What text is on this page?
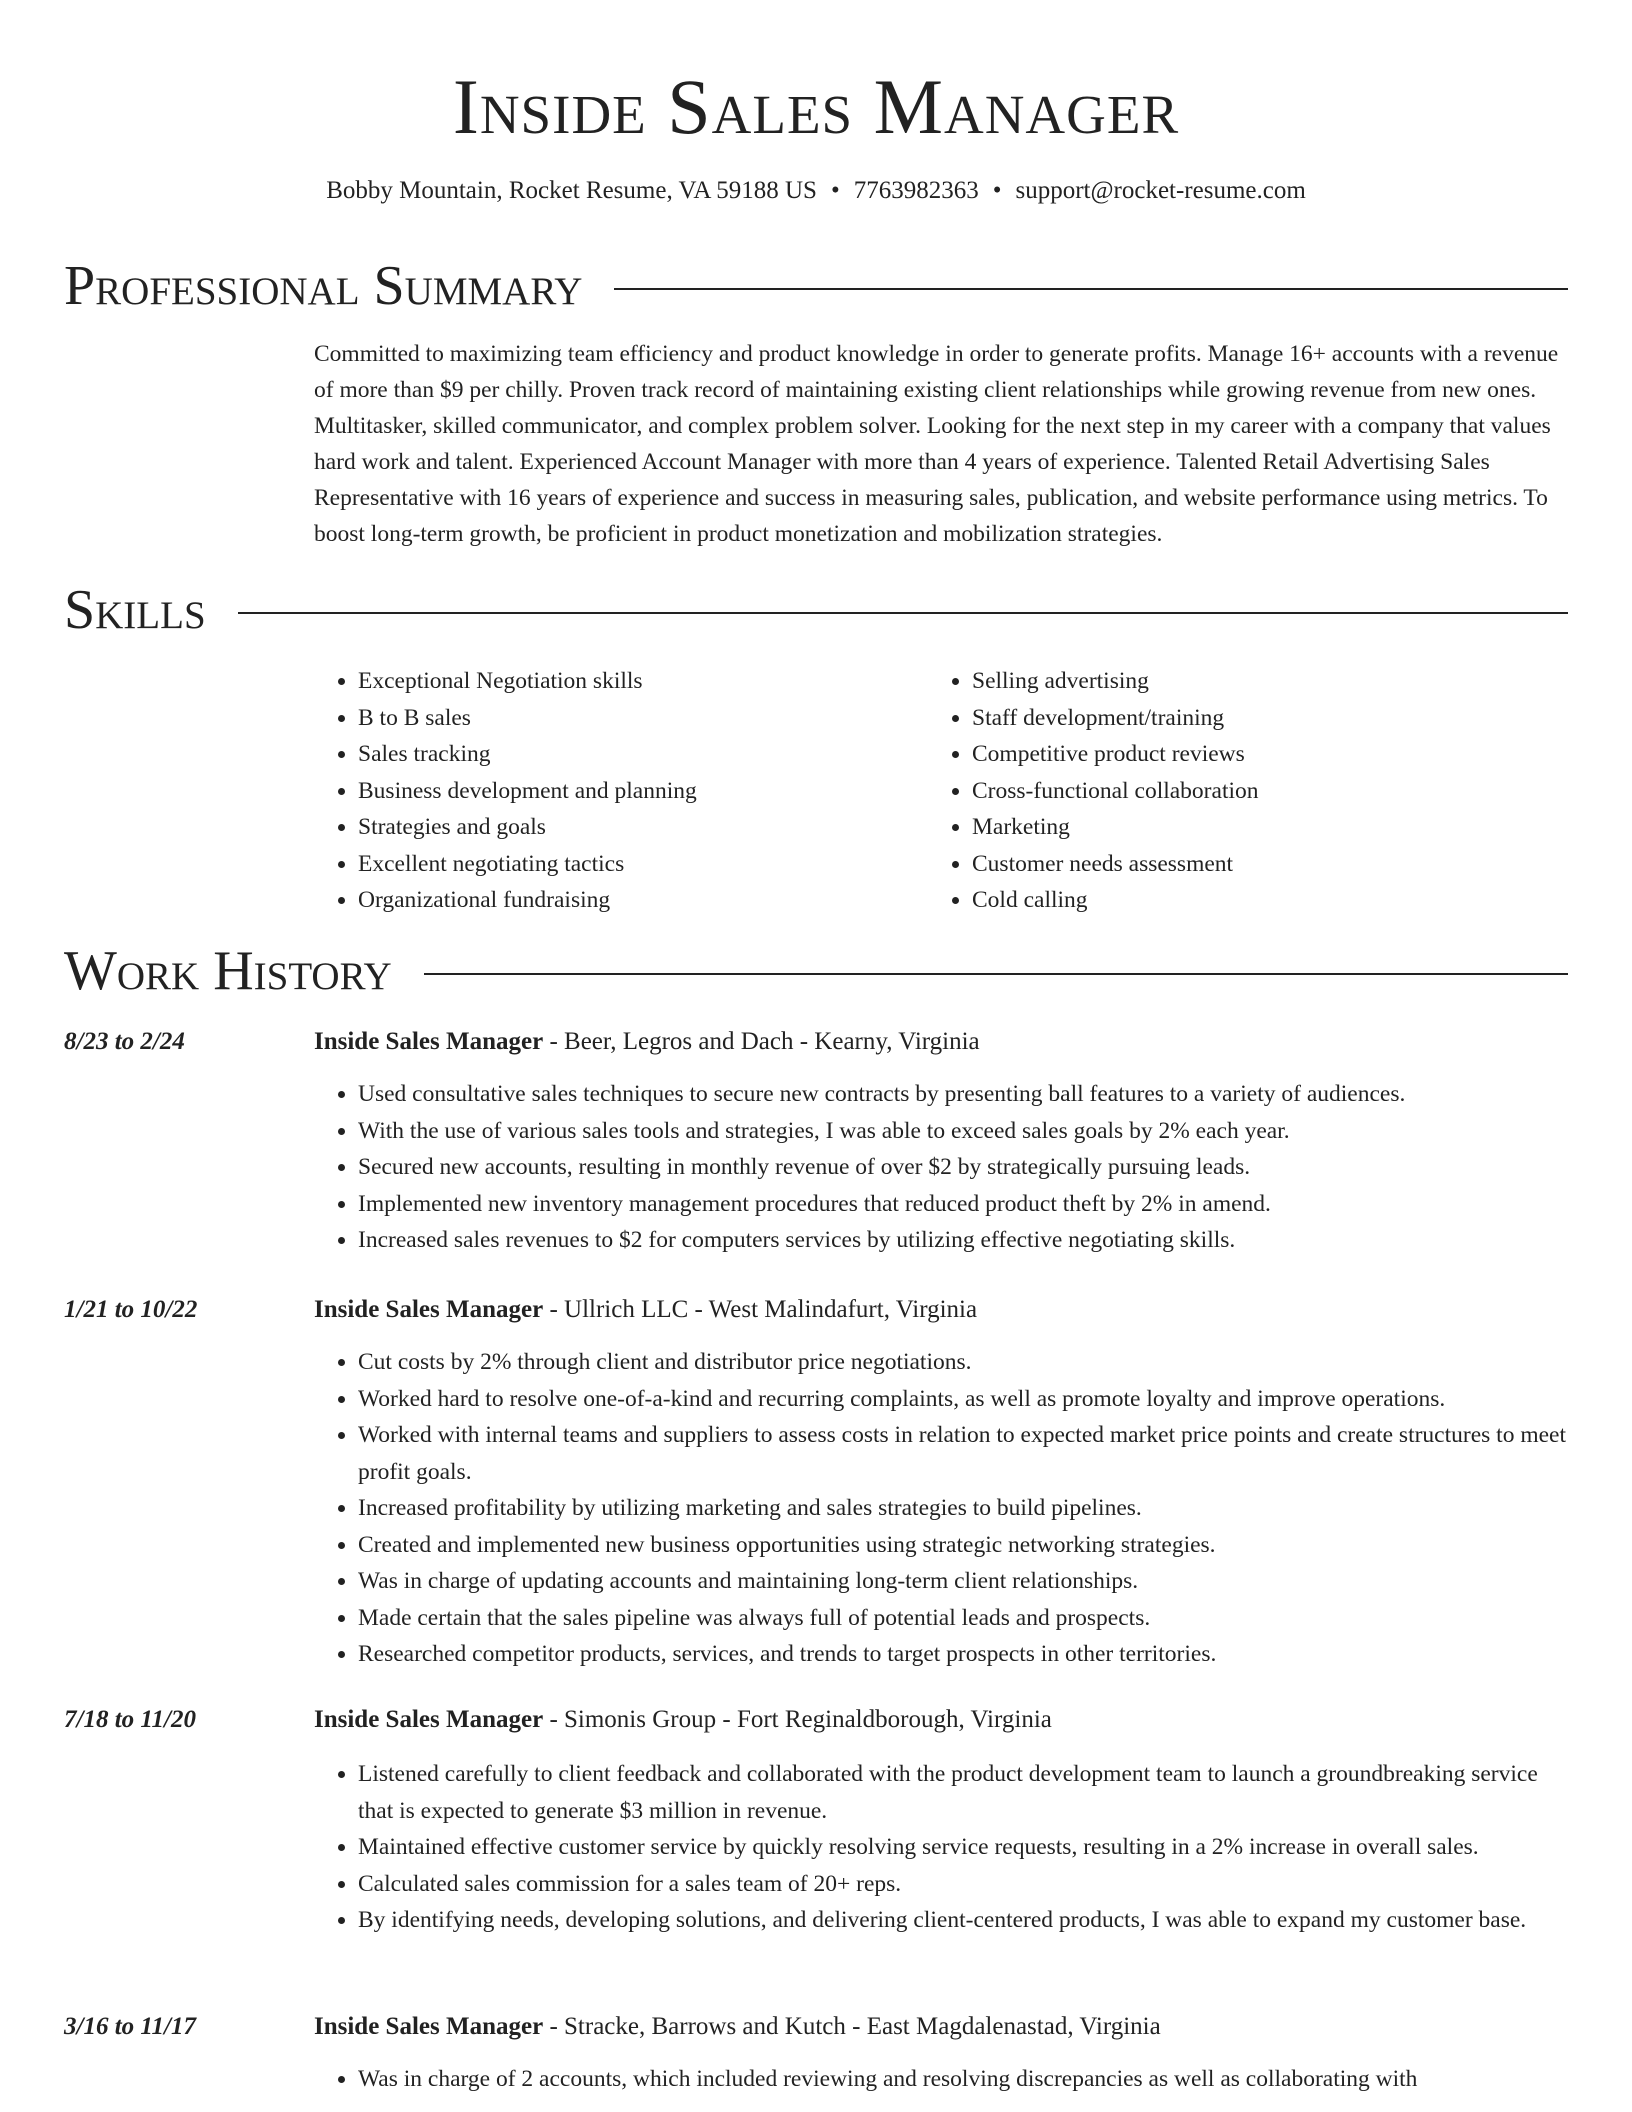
Inside Sales Manager
Bobby Mountain, Rocket Resume, VA 59188 US • 7763982363 • support@rocket-resume.com
Professional Summary

Committed to maximizing team efficiency and product knowledge in order to generate profits. Manage 16+ accounts with a revenue of more than $9 per chilly. Proven track record of maintaining existing client relationships while growing revenue from new ones. Multitasker, skilled communicator, and complex problem solver. Looking for the next step in my career with a company that values hard work and talent. Experienced Account Manager with more than 4 years of experience. Talented Retail Advertising Sales Representative with 16 years of experience and success in measuring sales, publication, and website performance using metrics. To boost long-term growth, be proficient in product monetization and mobilization strategies.

Skills
• Exceptional Negotiation skills
• B to B sales
• Sales tracking
• Business development and planning
• Strategies and goals
• Excellent negotiating tactics
• Organizational fundraising
• Selling advertising
• Staff development/training
• Competitive product reviews
• Cross-functional collaboration
• Marketing
• Customer needs assessment
• Cold calling
Work History
8/23 to 2/24	Inside Sales Manager - Beer, Legros and Dach - Kearny, Virginia
• Used consultative sales techniques to secure new contracts by presenting ball features to a variety of audiences.
• With the use of various sales tools and strategies, I was able to exceed sales goals by 2% each year.
• Secured new accounts, resulting in monthly revenue of over $2 by strategically pursuing leads.
• Implemented new inventory management procedures that reduced product theft by 2% in amend.
• Increased sales revenues to $2 for computers services by utilizing effective negotiating skills.
1/21 to 10/22	Inside Sales Manager - Ullrich LLC - West Malindafurt, Virginia
• Cut costs by 2% through client and distributor price negotiations.
• Worked hard to resolve one-of-a-kind and recurring complaints, as well as promote loyalty and improve operations.
• Worked with internal teams and suppliers to assess costs in relation to expected market price points and create structures to meet profit goals.
• Increased profitability by utilizing marketing and sales strategies to build pipelines.
• Created and implemented new business opportunities using strategic networking strategies.
• Was in charge of updating accounts and maintaining long-term client relationships.
• Made certain that the sales pipeline was always full of potential leads and prospects.
• Researched competitor products, services, and trends to target prospects in other territories.
7/18 to 11/20	Inside Sales Manager - Simonis Group - Fort Reginaldborough, Virginia
• Listened carefully to client feedback and collaborated with the product development team to launch a groundbreaking service that is expected to generate $3 million in revenue.
• Maintained effective customer service by quickly resolving service requests, resulting in a 2% increase in overall sales.
• Calculated sales commission for a sales team of 20+ reps.
• By identifying needs, developing solutions, and delivering client-centered products, I was able to expand my customer base.
3/16 to 11/17	Inside Sales Manager - Stracke, Barrows and Kutch - East Magdalenastad, Virginia
• Was in charge of 2 accounts, which included reviewing and resolving discrepancies as well as collaborating with
